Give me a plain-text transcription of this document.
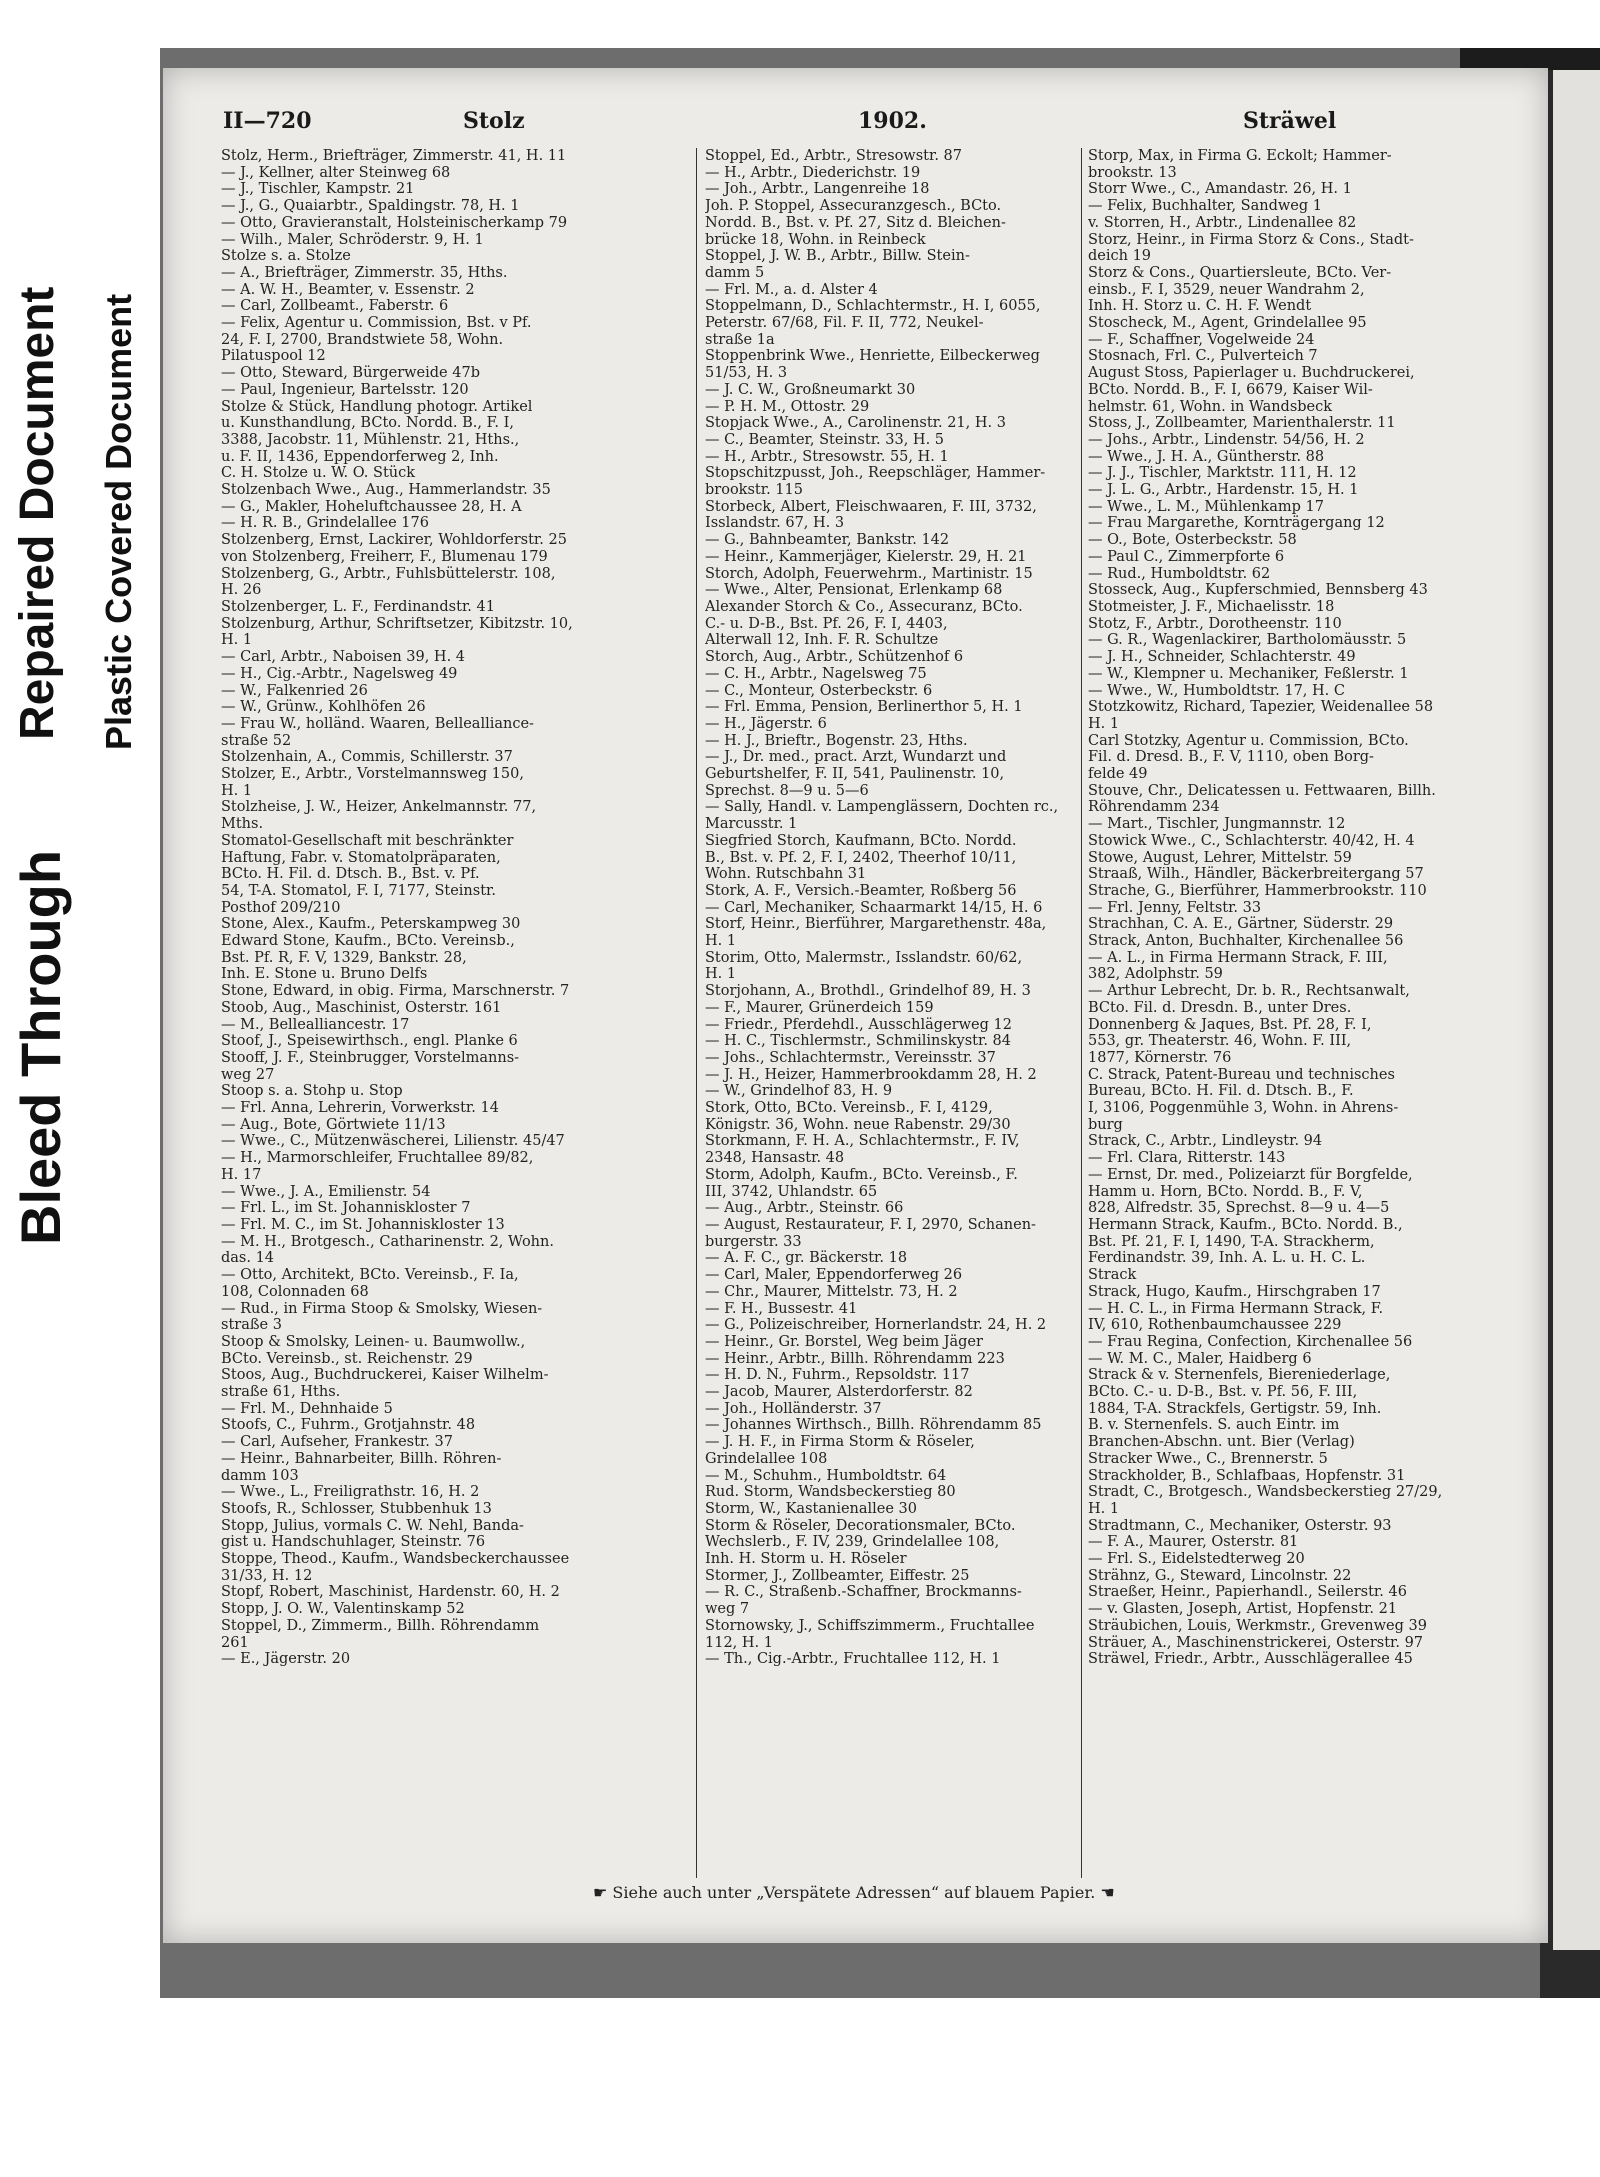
Bleed Through
Repaired Document Plastic Covered Document
II—720	Stolz	1902.	Sträwel
Stolz, Herm., Briefträger, Zimmerstr. 41, H. 11
— J., Kellner, alter Steinweg 68
— J., Tischler, Kampstr. 21
— J., G., Quaiarbtr., Spaldingstr. 78, H. 1
— Otto, Gravieranstalt, Holsteinischerkamp 79
— Wilh., Maler, Schröderstr. 9, H. 1
Stolze s. a. Stolze
— A., Briefträger, Zimmerstr. 35, Hths.
— A. W. H., Beamter, v. Essenstr. 2
— Carl, Zollbeamt., Faberstr. 6
— Felix, Agentur u. Commission, Bst. v Pf.
24, F. I, 2700, Brandstwiete 58, Wohn.
Pilatuspool 12
— Otto, Steward, Bürgerweide 47b
— Paul, Ingenieur, Bartelsstr. 120
Stolze & Stück, Handlung photogr. Artikel
u. Kunsthandlung, BCto. Nordd. B., F. I,
3388, Jacobstr. 11, Mühlenstr. 21, Hths.,
u. F. II, 1436, Eppendorferweg 2, Inh.
C. H. Stolze u. W. O. Stück
Stolzenbach Wwe., Aug., Hammerlandstr. 35
— G., Makler, Hoheluftchaussee 28, H. A
— H. R. B., Grindelallee 176
Stolzenberg, Ernst, Lackirer, Wohldorferstr. 25
von Stolzenberg, Freiherr, F., Blumenau 179
Stolzenberg, G., Arbtr., Fuhlsbüttelerstr. 108,
H. 26
Stolzenberger, L. F., Ferdinandstr. 41
Stolzenburg, Arthur, Schriftsetzer, Kibitzstr. 10,
H. 1
— Carl, Arbtr., Naboisen 39, H. 4
— H., Cig.-Arbtr., Nagelsweg 49
— W., Falkenried 26
— W., Grünw., Kohlhöfen 26
— Frau W., holländ. Waaren, Bellealliance-
straße 52
Stolzenhain, A., Commis, Schillerstr. 37
Stolzer, E., Arbtr., Vorstelmannsweg 150,
H. 1
Stolzheise, J. W., Heizer, Ankelmannstr. 77,
Mths.
Stomatol-Gesellschaft mit beschränkter
Haftung, Fabr. v. Stomatolpräparaten,
BCto. H. Fil. d. Dtsch. B., Bst. v. Pf.
54, T-A. Stomatol, F. I, 7177, Steinstr.
Posthof 209/210
Stone, Alex., Kaufm., Peterskampweg 30
Edward Stone, Kaufm., BCto. Vereinsb.,
Bst. Pf. R, F. V, 1329, Bankstr. 28,
Inh. E. Stone u. Bruno Delfs
Stone, Edward, in obig. Firma, Marschnerstr. 7
Stoob, Aug., Maschinist, Osterstr. 161
— M., Bellealliancestr. 17
Stoof, J., Speisewirthsch., engl. Planke 6
Stooff, J. F., Steinbrugger, Vorstelmanns-
weg 27
Stoop s. a. Stohp u. Stop
— Frl. Anna, Lehrerin, Vorwerkstr. 14
— Aug., Bote, Görtwiete 11/13
— Wwe., C., Mützenwäscherei, Lilienstr. 45/47
— H., Marmorschleifer, Fruchtallee 89/82,
H. 17
— Wwe., J. A., Emilienstr. 54
— Frl. L., im St. Johanniskloster 7
— Frl. M. C., im St. Johanniskloster 13
— M. H., Brotgesch., Catharinenstr. 2, Wohn.
das. 14
— Otto, Architekt, BCto. Vereinsb., F. Ia,
108, Colonnaden 68
— Rud., in Firma Stoop & Smolsky, Wiesen-
straße 3
Stoop & Smolsky, Leinen- u. Baumwollw.,
BCto. Vereinsb., st. Reichenstr. 29
Stoos, Aug., Buchdruckerei, Kaiser Wilhelm-
straße 61, Hths.
— Frl. M., Dehnhaide 5
Stoofs, C., Fuhrm., Grotjahnstr. 48
— Carl, Aufseher, Frankestr. 37
— Heinr., Bahnarbeiter, Billh. Röhren-
damm 103
— Wwe., L., Freiligrathstr. 16, H. 2
Stoofs, R., Schlosser, Stubbenhuk 13
Stopp, Julius, vormals C. W. Nehl, Banda-
gist u. Handschuhlager, Steinstr. 76
Stoppe, Theod., Kaufm., Wandsbeckerchaussee
31/33, H. 12
Stopf, Robert, Maschinist, Hardenstr. 60, H. 2
Stopp, J. O. W., Valentinskamp 52
Stoppel, D., Zimmerm., Billh. Röhrendamm
261
— E., Jägerstr. 20
Stoppel, Ed., Arbtr., Stresowstr. 87
— H., Arbtr., Diederichstr. 19
— Joh., Arbtr., Langenreihe 18
Joh. P. Stoppel, Assecuranzgesch., BCto.
Nordd. B., Bst. v. Pf. 27, Sitz d. Bleichen-
brücke 18, Wohn. in Reinbeck
Stoppel, J. W. B., Arbtr., Billw. Stein-
damm 5
— Frl. M., a. d. Alster 4
Stoppelmann, D., Schlachtermstr., H. I, 6055,
Peterstr. 67/68, Fil. F. II, 772, Neukel-
straße 1a
Stoppenbrink Wwe., Henriette, Eilbeckerweg
51/53, H. 3
— J. C. W., Großneumarkt 30
— P. H. M., Ottostr. 29
Stopjack Wwe., A., Carolinenstr. 21, H. 3
— C., Beamter, Steinstr. 33, H. 5
— H., Arbtr., Stresowstr. 55, H. 1
Stopschitzpusst, Joh., Reepschläger, Hammer-
brookstr. 115
Storbeck, Albert, Fleischwaaren, F. III, 3732,
Isslandstr. 67, H. 3
— G., Bahnbeamter, Bankstr. 142
— Heinr., Kammerjäger, Kielerstr. 29, H. 21
Storch, Adolph, Feuerwehrm., Martinistr. 15
— Wwe., Alter, Pensionat, Erlenkamp 68
Alexander Storch & Co., Assecuranz, BCto.
C.- u. D-B., Bst. Pf. 26, F. I, 4403,
Alterwall 12, Inh. F. R. Schultze
Storch, Aug., Arbtr., Schützenhof 6
— C. H., Arbtr., Nagelsweg 75
— C., Monteur, Osterbeckstr. 6
— Frl. Emma, Pension, Berlinerthor 5, H. 1
— H., Jägerstr. 6
— H. J., Brieftr., Bogenstr. 23, Hths.
— J., Dr. med., pract. Arzt, Wundarzt und
Geburtshelfer, F. II, 541, Paulinenstr. 10,
Sprechst. 8—9 u. 5—6
— Sally, Handl. v. Lampenglässern, Dochten rc.,
Marcusstr. 1
Siegfried Storch, Kaufmann, BCto. Nordd.
B., Bst. v. Pf. 2, F. I, 2402, Theerhof 10/11,
Wohn. Rutschbahn 31
Stork, A. F., Versich.-Beamter, Roßberg 56
— Carl, Mechaniker, Schaarmarkt 14/15, H. 6
Storf, Heinr., Bierführer, Margarethenstr. 48a,
H. 1
Storim, Otto, Malermstr., Isslandstr. 60/62,
H. 1
Storjohann, A., Brothdl., Grindelhof 89, H. 3
— F., Maurer, Grünerdeich 159
— Friedr., Pferdehdl., Ausschlägerweg 12
— H. C., Tischlermstr., Schmilinskystr. 84
— Johs., Schlachtermstr., Vereinsstr. 37
— J. H., Heizer, Hammerbrookdamm 28, H. 2
— W., Grindelhof 83, H. 9
Stork, Otto, BCto. Vereinsb., F. I, 4129,
Königstr. 36, Wohn. neue Rabenstr. 29/30
Storkmann, F. H. A., Schlachtermstr., F. IV,
2348, Hansastr. 48
Storm, Adolph, Kaufm., BCto. Vereinsb., F.
III, 3742, Uhlandstr. 65
— Aug., Arbtr., Steinstr. 66
— August, Restaurateur, F. I, 2970, Schanen-
burgerstr. 33
— A. F. C., gr. Bäckerstr. 18
— Carl, Maler, Eppendorferweg 26
— Chr., Maurer, Mittelstr. 73, H. 2
— F. H., Bussestr. 41
— G., Polizeischreiber, Hornerlandstr. 24, H. 2
— Heinr., Gr. Borstel, Weg beim Jäger
— Heinr., Arbtr., Billh. Röhrendamm 223
— H. D. N., Fuhrm., Repsoldstr. 117
— Jacob, Maurer, Alsterdorferstr. 82
— Joh., Holländerstr. 37
— Johannes Wirthsch., Billh. Röhrendamm 85
— J. H. F., in Firma Storm & Röseler,
Grindelallee 108
— M., Schuhm., Humboldtstr. 64
Rud. Storm, Wandsbeckerstieg 80
Storm, W., Kastanienallee 30
Storm & Röseler, Decorationsmaler, BCto.
Wechslerb., F. IV, 239, Grindelallee 108,
Inh. H. Storm u. H. Röseler
Stormer, J., Zollbeamter, Eiffestr. 25
— R. C., Straßenb.-Schaffner, Brockmanns-
weg 7
Stornowsky, J., Schiffszimmerm., Fruchtallee
112, H. 1
— Th., Cig.-Arbtr., Fruchtallee 112, H. 1
Storp, Max, in Firma G. Eckolt; Hammer-
brookstr. 13
Storr Wwe., C., Amandastr. 26, H. 1
— Felix, Buchhalter, Sandweg 1
v. Storren, H., Arbtr., Lindenallee 82
Storz, Heinr., in Firma Storz & Cons., Stadt-
deich 19
Storz & Cons., Quartiersleute, BCto. Ver-
einsb., F. I, 3529, neuer Wandrahm 2,
Inh. H. Storz u. C. H. F. Wendt
Stoscheck, M., Agent, Grindelallee 95
— F., Schaffner, Vogelweide 24
Stosnach, Frl. C., Pulverteich 7
August Stoss, Papierlager u. Buchdruckerei,
BCto. Nordd. B., F. I, 6679, Kaiser Wil-
helmstr. 61, Wohn. in Wandsbeck
Stoss, J., Zollbeamter, Marienthalerstr. 11
— Johs., Arbtr., Lindenstr. 54/56, H. 2
— Wwe., J. H. A., Güntherstr. 88
— J. J., Tischler, Marktstr. 111, H. 12
— J. L. G., Arbtr., Hardenstr. 15, H. 1
— Wwe., L. M., Mühlenkamp 17
— Frau Margarethe, Kornträgergang 12
— O., Bote, Osterbeckstr. 58
— Paul C., Zimmerpforte 6
— Rud., Humboldtstr. 62
Stosseck, Aug., Kupferschmied, Bennsberg 43
Stotmeister, J. F., Michaelisstr. 18
Stotz, F., Arbtr., Dorotheenstr. 110
— G. R., Wagenlackirer, Bartholomäusstr. 5
— J. H., Schneider, Schlachterstr. 49
— W., Klempner u. Mechaniker, Feßlerstr. 1
— Wwe., W., Humboldtstr. 17, H. C
Stotzkowitz, Richard, Tapezier, Weidenallee 58
H. 1
Carl Stotzky, Agentur u. Commission, BCto.
Fil. d. Dresd. B., F. V, 1110, oben Borg-
felde 49
Stouve, Chr., Delicatessen u. Fettwaaren, Billh.
Röhrendamm 234
— Mart., Tischler, Jungmannstr. 12
Stowick Wwe., C., Schlachterstr. 40/42, H. 4
Stowe, August, Lehrer, Mittelstr. 59
Straaß, Wilh., Händler, Bäckerbreitergang 57
Strache, G., Bierführer, Hammerbrookstr. 110
— Frl. Jenny, Feltstr. 33
Strachhan, C. A. E., Gärtner, Süderstr. 29
Strack, Anton, Buchhalter, Kirchenallee 56
— A. L., in Firma Hermann Strack, F. III,
382, Adolphstr. 59
— Arthur Lebrecht, Dr. b. R., Rechtsanwalt,
BCto. Fil. d. Dresdn. B., unter Dres.
Donnenberg & Jaques, Bst. Pf. 28, F. I,
553, gr. Theaterstr. 46, Wohn. F. III,
1877, Körnerstr. 76
C. Strack, Patent-Bureau und technisches
Bureau, BCto. H. Fil. d. Dtsch. B., F.
I, 3106, Poggenmühle 3, Wohn. in Ahrens-
burg
Strack, C., Arbtr., Lindleystr. 94
— Frl. Clara, Ritterstr. 143
— Ernst, Dr. med., Polizeiarzt für Borgfelde,
Hamm u. Horn, BCto. Nordd. B., F. V,
828, Alfredstr. 35, Sprechst. 8—9 u. 4—5
Hermann Strack, Kaufm., BCto. Nordd. B.,
Bst. Pf. 21, F. I, 1490, T-A. Strackherm,
Ferdinandstr. 39, Inh. A. L. u. H. C. L.
Strack
Strack, Hugo, Kaufm., Hirschgraben 17
— H. C. L., in Firma Hermann Strack, F.
IV, 610, Rothenbaumchaussee 229
— Frau Regina, Confection, Kirchenallee 56
— W. M. C., Maler, Haidberg 6
Strack & v. Sternenfels, Biereniederlage,
BCto. C.- u. D-B., Bst. v. Pf. 56, F. III,
1884, T-A. Strackfels, Gertigstr. 59, Inh.
B. v. Sternenfels. S. auch Eintr. im
Branchen-Abschn. unt. Bier (Verlag)
Stracker Wwe., C., Brennerstr. 5
Strackholder, B., Schlafbaas, Hopfenstr. 31
Stradt, C., Brotgesch., Wandsbeckerstieg 27/29,
H. 1
Stradtmann, C., Mechaniker, Osterstr. 93
— F. A., Maurer, Osterstr. 81
— Frl. S., Eidelstedterweg 20
Strähnz, G., Steward, Lincolnstr. 22
Straeßer, Heinr., Papierhandl., Seilerstr. 46
— v. Glasten, Joseph, Artist, Hopfenstr. 21
Sträubichen, Louis, Werkmstr., Grevenweg 39
Sträuer, A., Maschinenstrickerei, Osterstr. 97
Sträwel, Friedr., Arbtr., Ausschlägerallee 45
☛ Siehe auch unter „Verspätete Adressen“ auf blauem Papier. ☚
